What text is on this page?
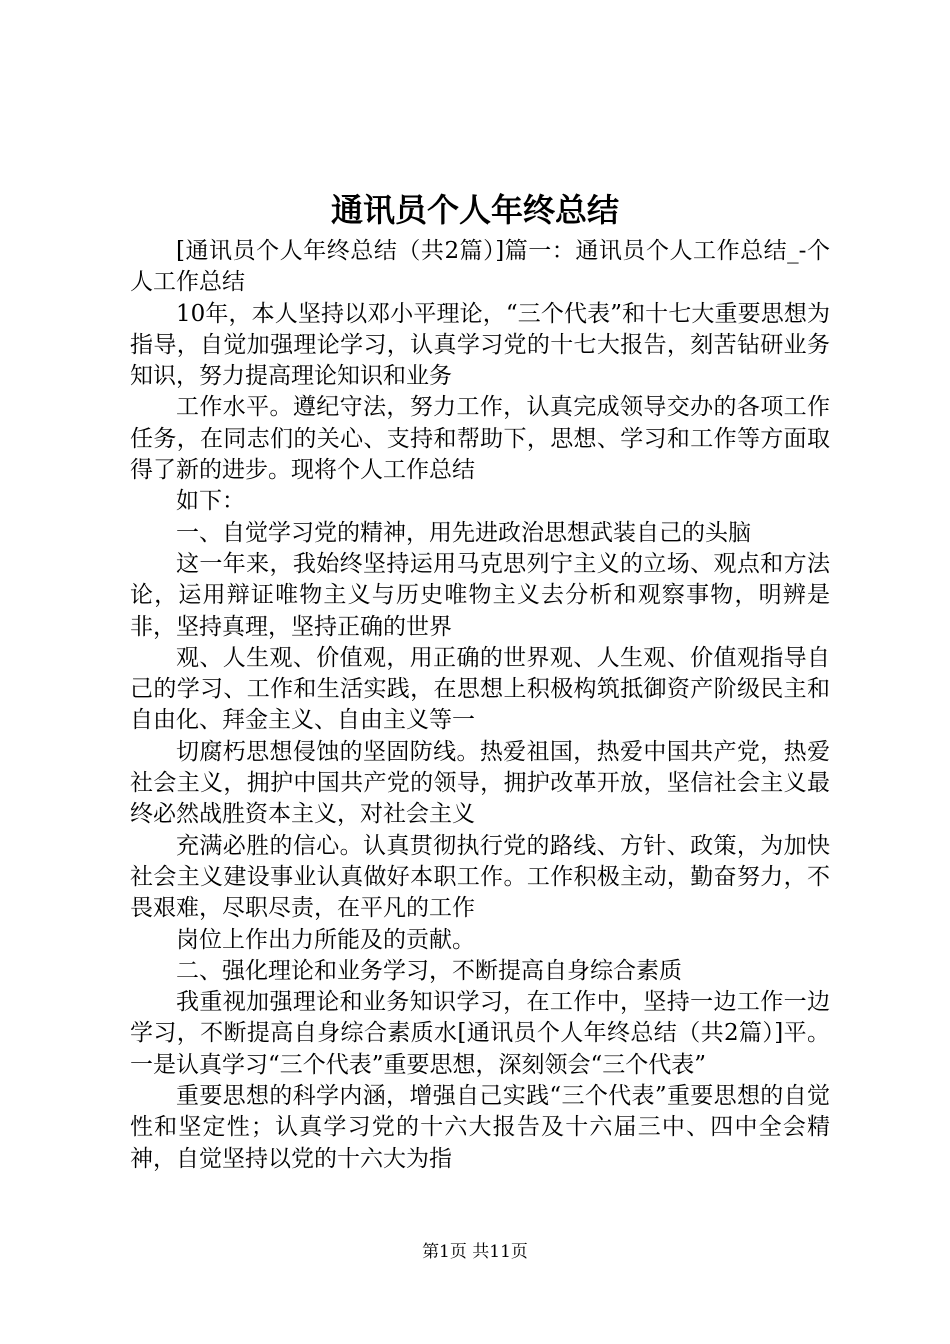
通讯员个人年终总结

[通讯员个人年终总结（共2篇）]篇一：通讯员个人工作总结_-个人工作总结

10年，本人坚持以邓小平理论，“三个代表”和十七大重要思想为指导，自觉加强理论学习，认真学习党的十七大报告，刻苦钻研业务知识，努力提高理论知识和业务

工作水平。遵纪守法，努力工作，认真完成领导交办的各项工作任务，在同志们的关心、支持和帮助下，思想、学习和工作等方面取得了新的进步。现将个人工作总结

如下：

一、自觉学习党的精神，用先进政治思想武装自己的头脑

这一年来，我始终坚持运用马克思列宁主义的立场、观点和方法论，运用辩证唯物主义与历史唯物主义去分析和观察事物，明辨是非，坚持真理，坚持正确的世界

观、人生观、价值观，用正确的世界观、人生观、价值观指导自己的学习、工作和生活实践，在思想上积极构筑抵御资产阶级民主和自由化、拜金主义、自由主义等一

切腐朽思想侵蚀的坚固防线。热爱祖国，热爱中国共产党，热爱社会主义，拥护中国共产党的领导，拥护改革开放，坚信社会主义最终必然战胜资本主义，对社会主义

充满必胜的信心。认真贯彻执行党的路线、方针、政策，为加快社会主义建设事业认真做好本职工作。工作积极主动，勤奋努力，不畏艰难，尽职尽责，在平凡的工作

岗位上作出力所能及的贡献。

二、强化理论和业务学习，不断提高自身综合素质

我重视加强理论和业务知识学习，在工作中，坚持一边工作一边学习，不断提高自身综合素质水[通讯员个人年终总结（共2篇）]平。一是认真学习“三个代表”重要思想，深刻领会“三个代表”

重要思想的科学内涵，增强自己实践“三个代表”重要思想的自觉性和坚定性；认真学习党的十六大报告及十六届三中、四中全会精神，自觉坚持以党的十六大为指

第1页 共11页
